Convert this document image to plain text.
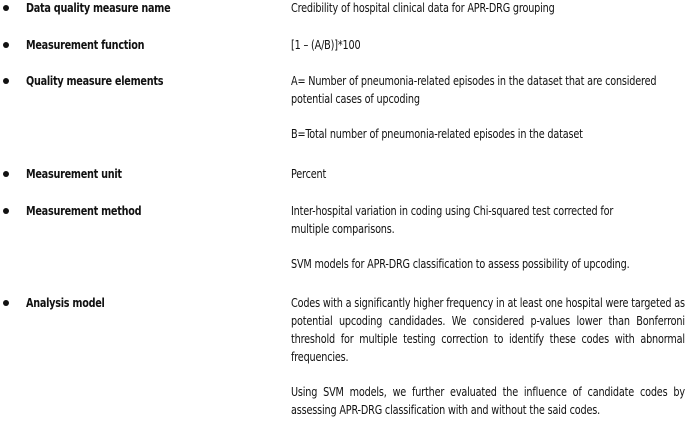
Data quality measure name	Credibility of hospital clinical data for APR-DRG grouping
Measurement function	[1 – (A/B)]*100
Quality measure elements	A= Number of pneumonia-related episodes in the dataset that are considered
potential cases of upcoding
B=Total number of pneumonia-related episodes in the dataset
Measurement unit	Percent
Measurement method	Inter-hospital variation in coding using Chi-squared test corrected for
multiple comparisons.
SVM models for APR-DRG classification to assess possibility of upcoding.
Analysis model	Codes with a significantly higher frequency in at least one hospital were targeted as potential upcoding candidades. We considered p-values lower than Bonferroni threshold for multiple testing correction to identify these codes with abnormal frequencies.
Using SVM models, we further evaluated the influence of candidate codes by assessing APR-DRG classification with and without the said codes.
